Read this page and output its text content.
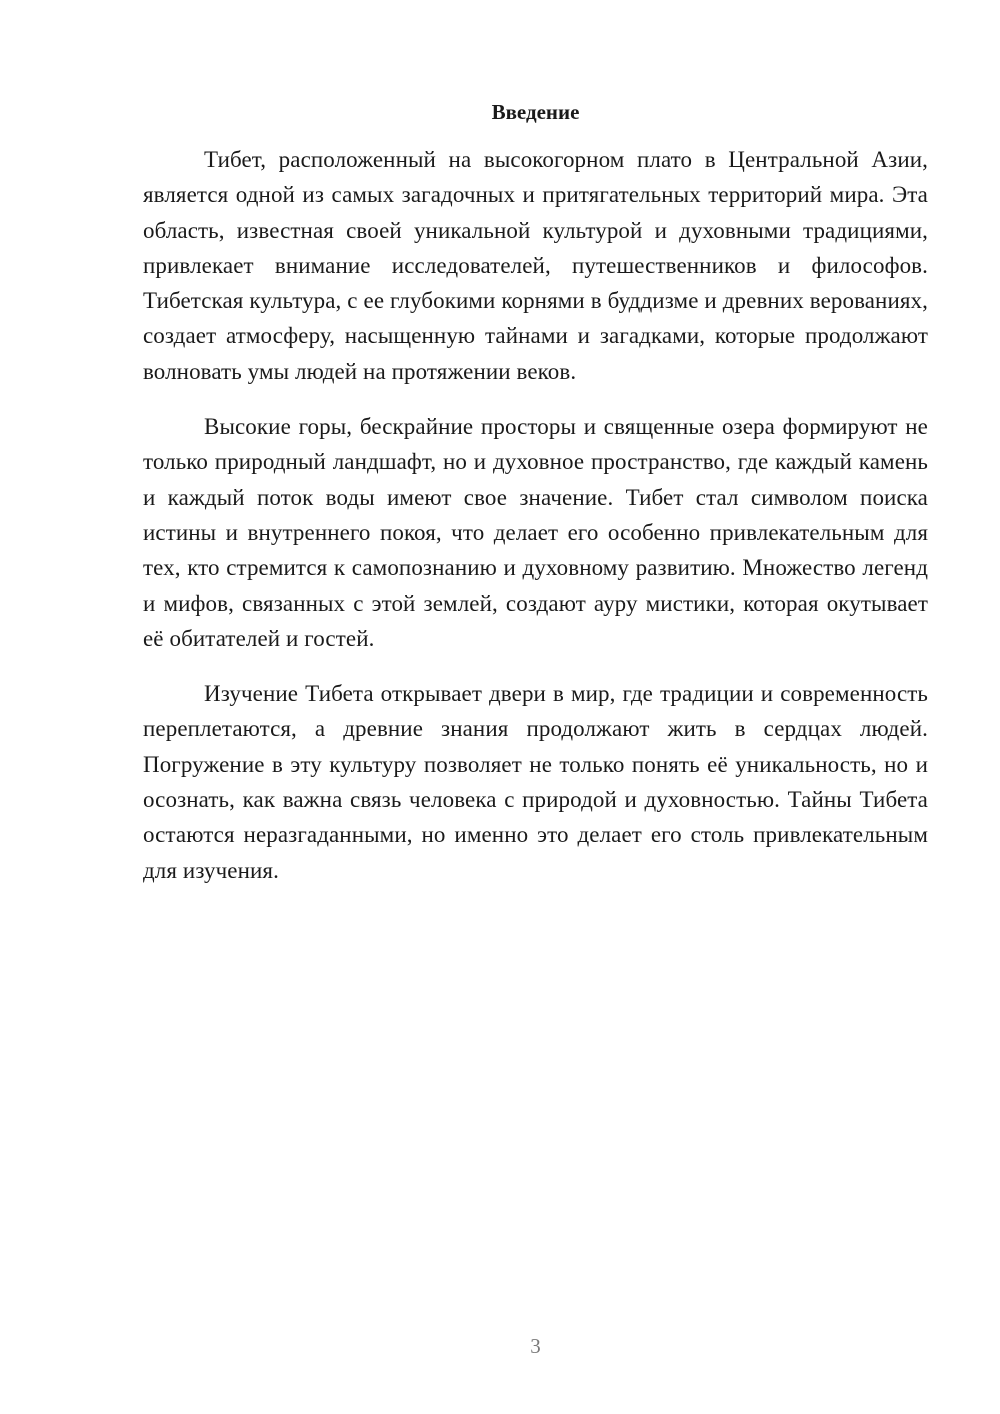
Введение

Тибет, расположенный на высокогорном плато в Центральной Азии, является одной из самых загадочных и притягательных территорий мира. Эта область, известная своей уникальной культурой и духовными традициями, привлекает внимание исследователей, путешественников и философов. Тибетская культура, с ее глубокими корнями в буддизме и древних верованиях, создает атмосферу, насыщенную тайнами и загадками, которые продолжают волновать умы людей на протяжении веков.

Высокие горы, бескрайние просторы и священные озера формируют не только природный ландшафт, но и духовное пространство, где каждый камень и каждый поток воды имеют свое значение. Тибет стал символом поиска истины и внутреннего покоя, что делает его особенно привлекательным для тех, кто стремится к самопознанию и духовному развитию. Множество легенд и мифов, связанных с этой землей, создают ауру мистики, которая окутывает её обитателей и гостей.

Изучение Тибета открывает двери в мир, где традиции и современность переплетаются, а древние знания продолжают жить в сердцах людей. Погружение в эту культуру позволяет не только понять её уникальность, но и осознать, как важна связь человека с природой и духовностью. Тайны Тибета остаются неразгаданными, но именно это делает его столь привлекательным для изучения.

3
